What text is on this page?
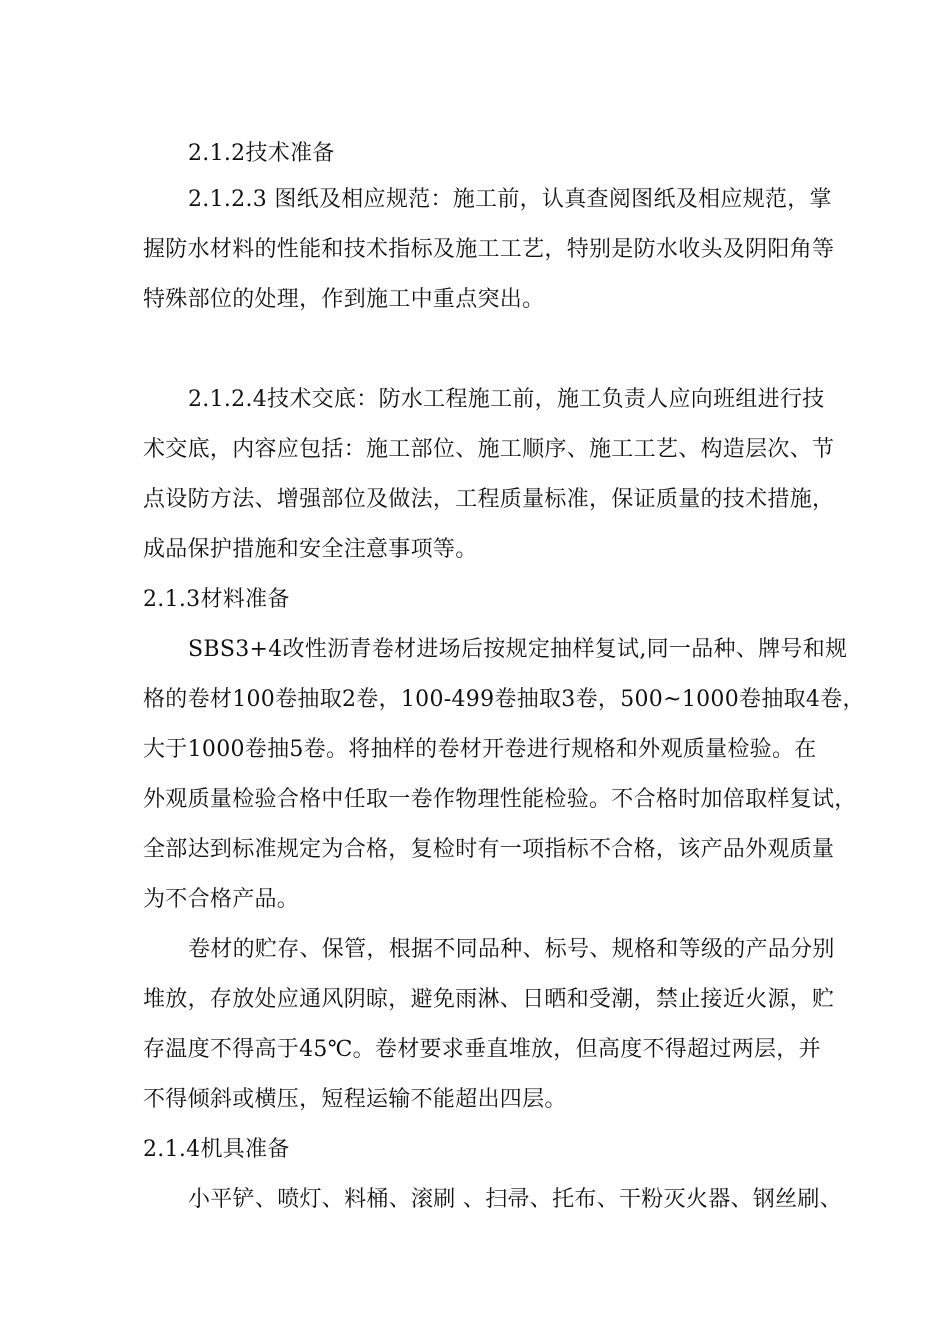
2.1.2技术准备
2.1.2.3 图纸及相应规范：施工前，认真查阅图纸及相应规范，掌
握防水材料的性能和技术指标及施工工艺，特别是防水收头及阴阳角等
特殊部位的处理，作到施工中重点突出。
2.1.2.4技术交底：防水工程施工前，施工负责人应向班组进行技
术交底，内容应包括：施工部位、施工顺序、施工工艺、构造层次、节
点设防方法、增强部位及做法，工程质量标准，保证质量的技术措施，
成品保护措施和安全注意事项等。
2.1.3材料准备
SBS3+4改性沥青卷材进场后按规定抽样复试,同一品种、牌号和规
格的卷材100卷抽取2卷，100-499卷抽取3卷，500~1000卷抽取4卷，
大于1000卷抽5卷。将抽样的卷材开卷进行规格和外观质量检验。在
外观质量检验合格中任取一卷作物理性能检验。不合格时加倍取样复试，
全部达到标准规定为合格，复检时有一项指标不合格，该产品外观质量
为不合格产品。
卷材的贮存、保管，根据不同品种、标号、规格和等级的产品分别
堆放，存放处应通风阴晾，避免雨淋、日晒和受潮，禁止接近火源，贮
存温度不得高于45℃。卷材要求垂直堆放，但高度不得超过两层，并
不得倾斜或横压，短程运输不能超出四层。
2.1.4机具准备
小平铲、喷灯、料桶、滚刷 、扫帚、托布、干粉灭火器、钢丝刷、
